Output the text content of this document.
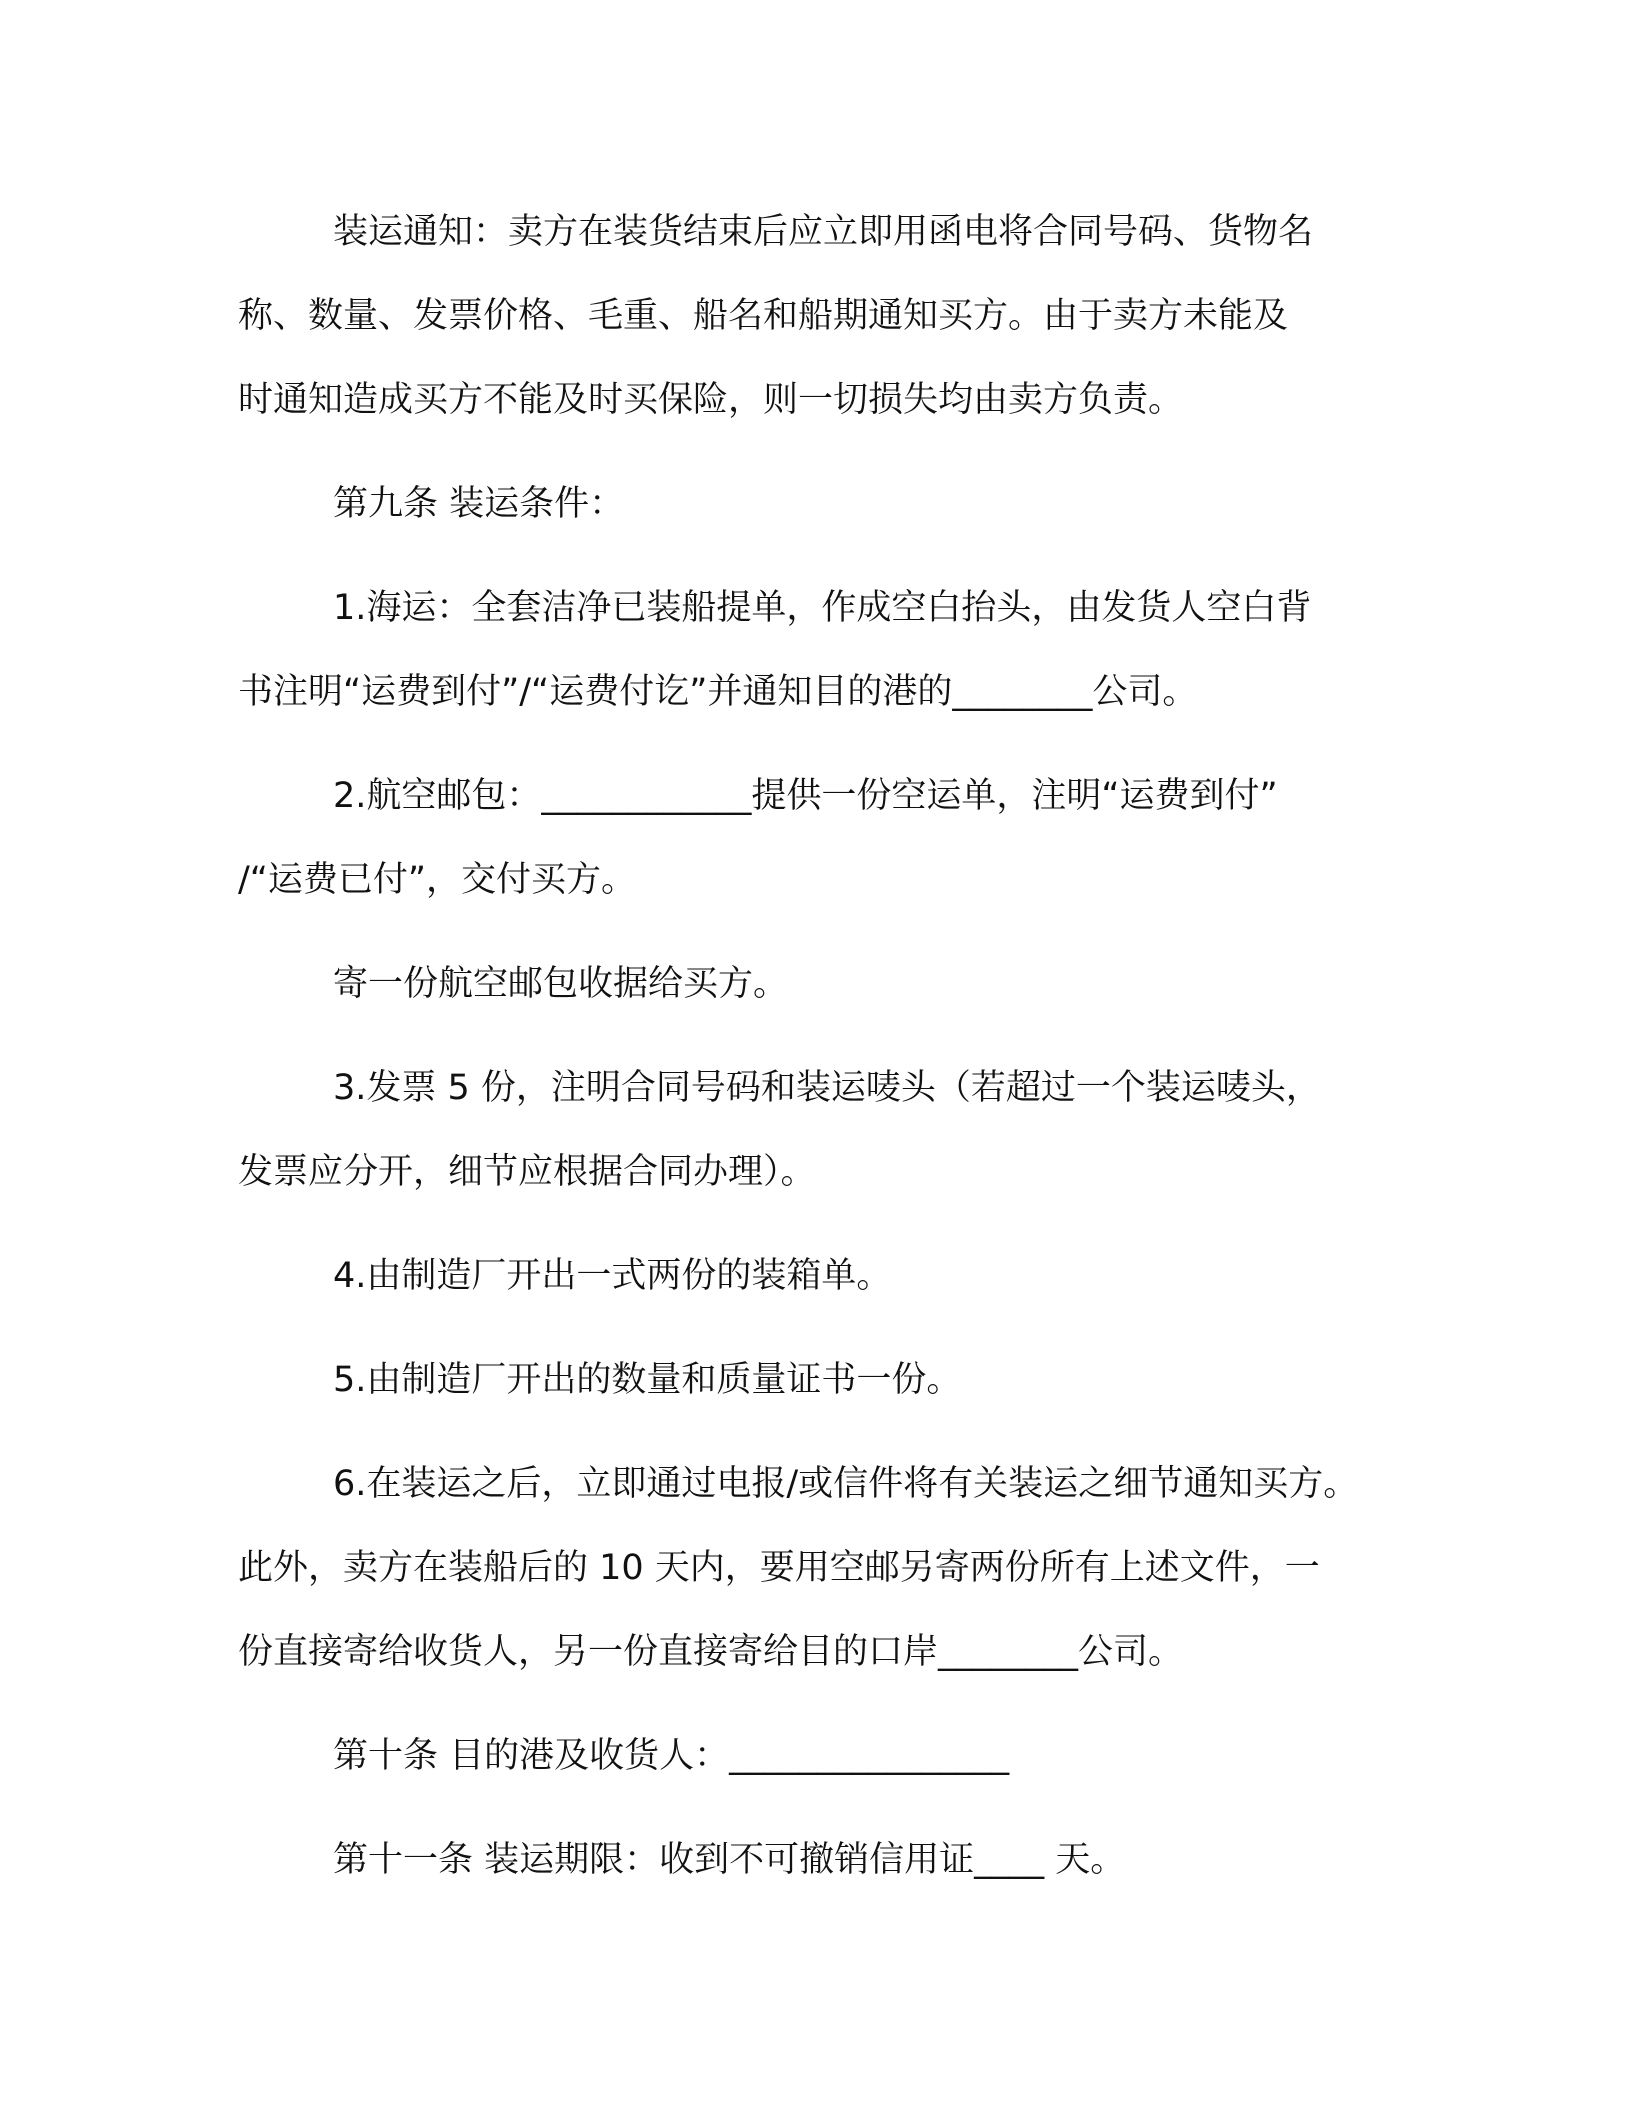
装运通知：卖方在装货结束后应立即用函电将合同号码、货物名
称、数量、发票价格、毛重、船名和船期通知买方。由于卖方未能及
时通知造成买方不能及时买保险，则一切损失均由卖方负责。
第九条 装运条件：
1.海运：全套洁净已装船提单，作成空白抬头，由发货人空白背
书注明“运费到付”/“运费付讫”并通知目的港的________公司。
2.航空邮包：____________提供一份空运单，注明“运费到付”
/“运费已付”，交付买方。
寄一份航空邮包收据给买方。
3.发票 5 份，注明合同号码和装运唛头（若超过一个装运唛头，
发票应分开，细节应根据合同办理）。
4.由制造厂开出一式两份的装箱单。
5.由制造厂开出的数量和质量证书一份。
6.在装运之后，立即通过电报/或信件将有关装运之细节通知买方。
此外，卖方在装船后的 10 天内，要用空邮另寄两份所有上述文件，一
份直接寄给收货人，另一份直接寄给目的口岸________公司。
第十条 目的港及收货人：________________
第十一条 装运期限：收到不可撤销信用证____ 天。
